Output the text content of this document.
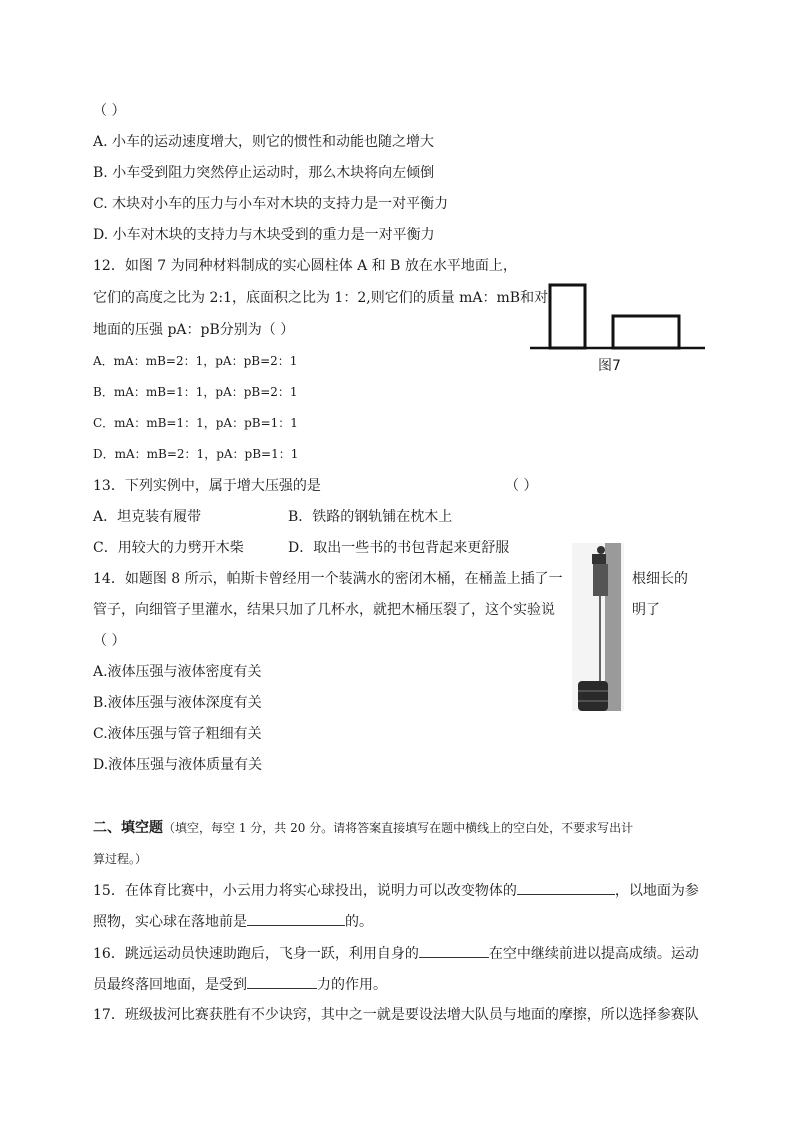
（ ）
A. 小车的运动速度增大，则它的惯性和动能也随之增大
B. 小车受到阻力突然停止运动时，那么木块将向左倾倒
C. 木块对小车的压力与小车对木块的支持力是一对平衡力
D. 小车对木块的支持力与木块受到的重力是一对平衡力
12．如图 7 为同种材料制成的实心圆柱体 A 和 B 放在水平地面上，
它们的高度之比为 2:1，底面积之比为 1：2,则它们的质量 mA：mB和对
地面的压强 pA：pB分别为（ ）
A．mA：mB=2：1，pA：pB=2：1
B．mA：mB=1：1，pA：pB=2：1
C．mA：mB=1：1，pA：pB=1：1
D．mA：mB=2：1，pA：pB=1：1
图7
13．下列实例中，属于增大压强的是	（ ）
A．坦克装有履带	B．铁路的钢轨铺在枕木上
C．用较大的力劈开木柴	D．取出一些书的书包背起来更舒服
14．如题图 8 所示，帕斯卡曾经用一个装满水的密闭木桶，在桶盖上插了一	根细长的
管子，向细管子里灌水，结果只加了几杯水，就把木桶压裂了，这个实验说	明了
（ ）
A.液体压强与液体密度有关
B.液体压强与液体深度有关
C.液体压强与管子粗细有关
D.液体压强与液体质量有关
二、填空题（填空，每空 1 分，共 20 分。请将答案直接填写在题中横线上的空白处，不要求写出计
算过程。）
15．在体育比赛中，小云用力将实心球投出，说明力可以改变物体的	，以地面为参
照物，实心球在落地前是	的。
16．跳远运动员快速助跑后，飞身一跃，利用自身的	在空中继续前进以提高成绩。运动
员最终落回地面，是受到	力的作用。
17．班级拔河比赛获胜有不少诀窍，其中之一就是要设法增大队员与地面的摩擦，所以选择参赛队
